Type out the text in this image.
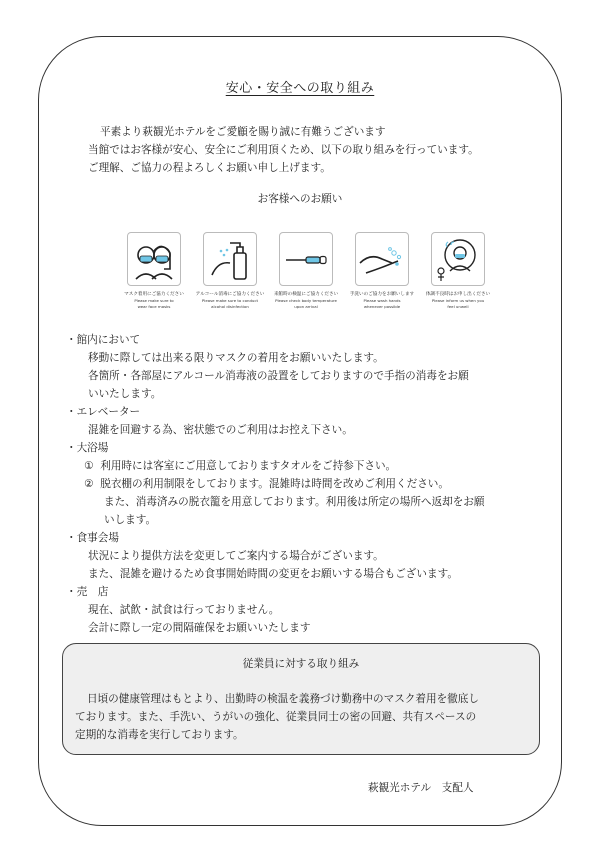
安心・安全への取り組み

平素より萩観光ホテルをご愛顧を賜り誠に有難うございます

当館ではお客様が安心、安全にご利用頂くため、以下の取り組みを行っています。

ご理解、ご協力の程よろしくお願い申し上げます。

お客様へのお願い
マスク着用にご協力ください
Please make sure to
wear face masks
アルコール消毒にご協力ください
Please make sure to conduct
alcohol disinfection
来館時の検温にご協力ください
Please check body temperature
upon arrival
手洗いのご協力をお願いします
Please wash hands
whenever possible
体調不良時はお申し出ください
Please inform us when you
feel unwell

・館内において

移動に際しては出来る限りマスクの着用をお願いいたします。

各箇所・各部屋にアルコール消毒液の設置をしておりますので手指の消毒をお願

いいたします。

・エレベーター

混雑を回避する為、密状態でのご利用はお控え下さい。

・大浴場

① 利用時には客室にご用意しておりますタオルをご持参下さい。

② 脱衣棚の利用制限をしております。混雑時は時間を改めご利用ください。

また、消毒済みの脱衣籠を用意しております。利用後は所定の場所へ返却をお願

いします。

・食事会場

状況により提供方法を変更してご案内する場合がございます。

また、混雑を避けるため食事開始時間の変更をお願いする場合もございます。

・売　店

現在、試飲・試食は行っておりません。

会計に際し一定の間隔確保をお願いいたします

従業員に対する取り組み

日頃の健康管理はもとより、出勤時の検温を義務づけ勤務中のマスク着用を徹底し

ております。また、手洗い、うがいの強化、従業員同士の密の回避、共有スペースの

定期的な消毒を実行しております。

萩観光ホテル　支配人
